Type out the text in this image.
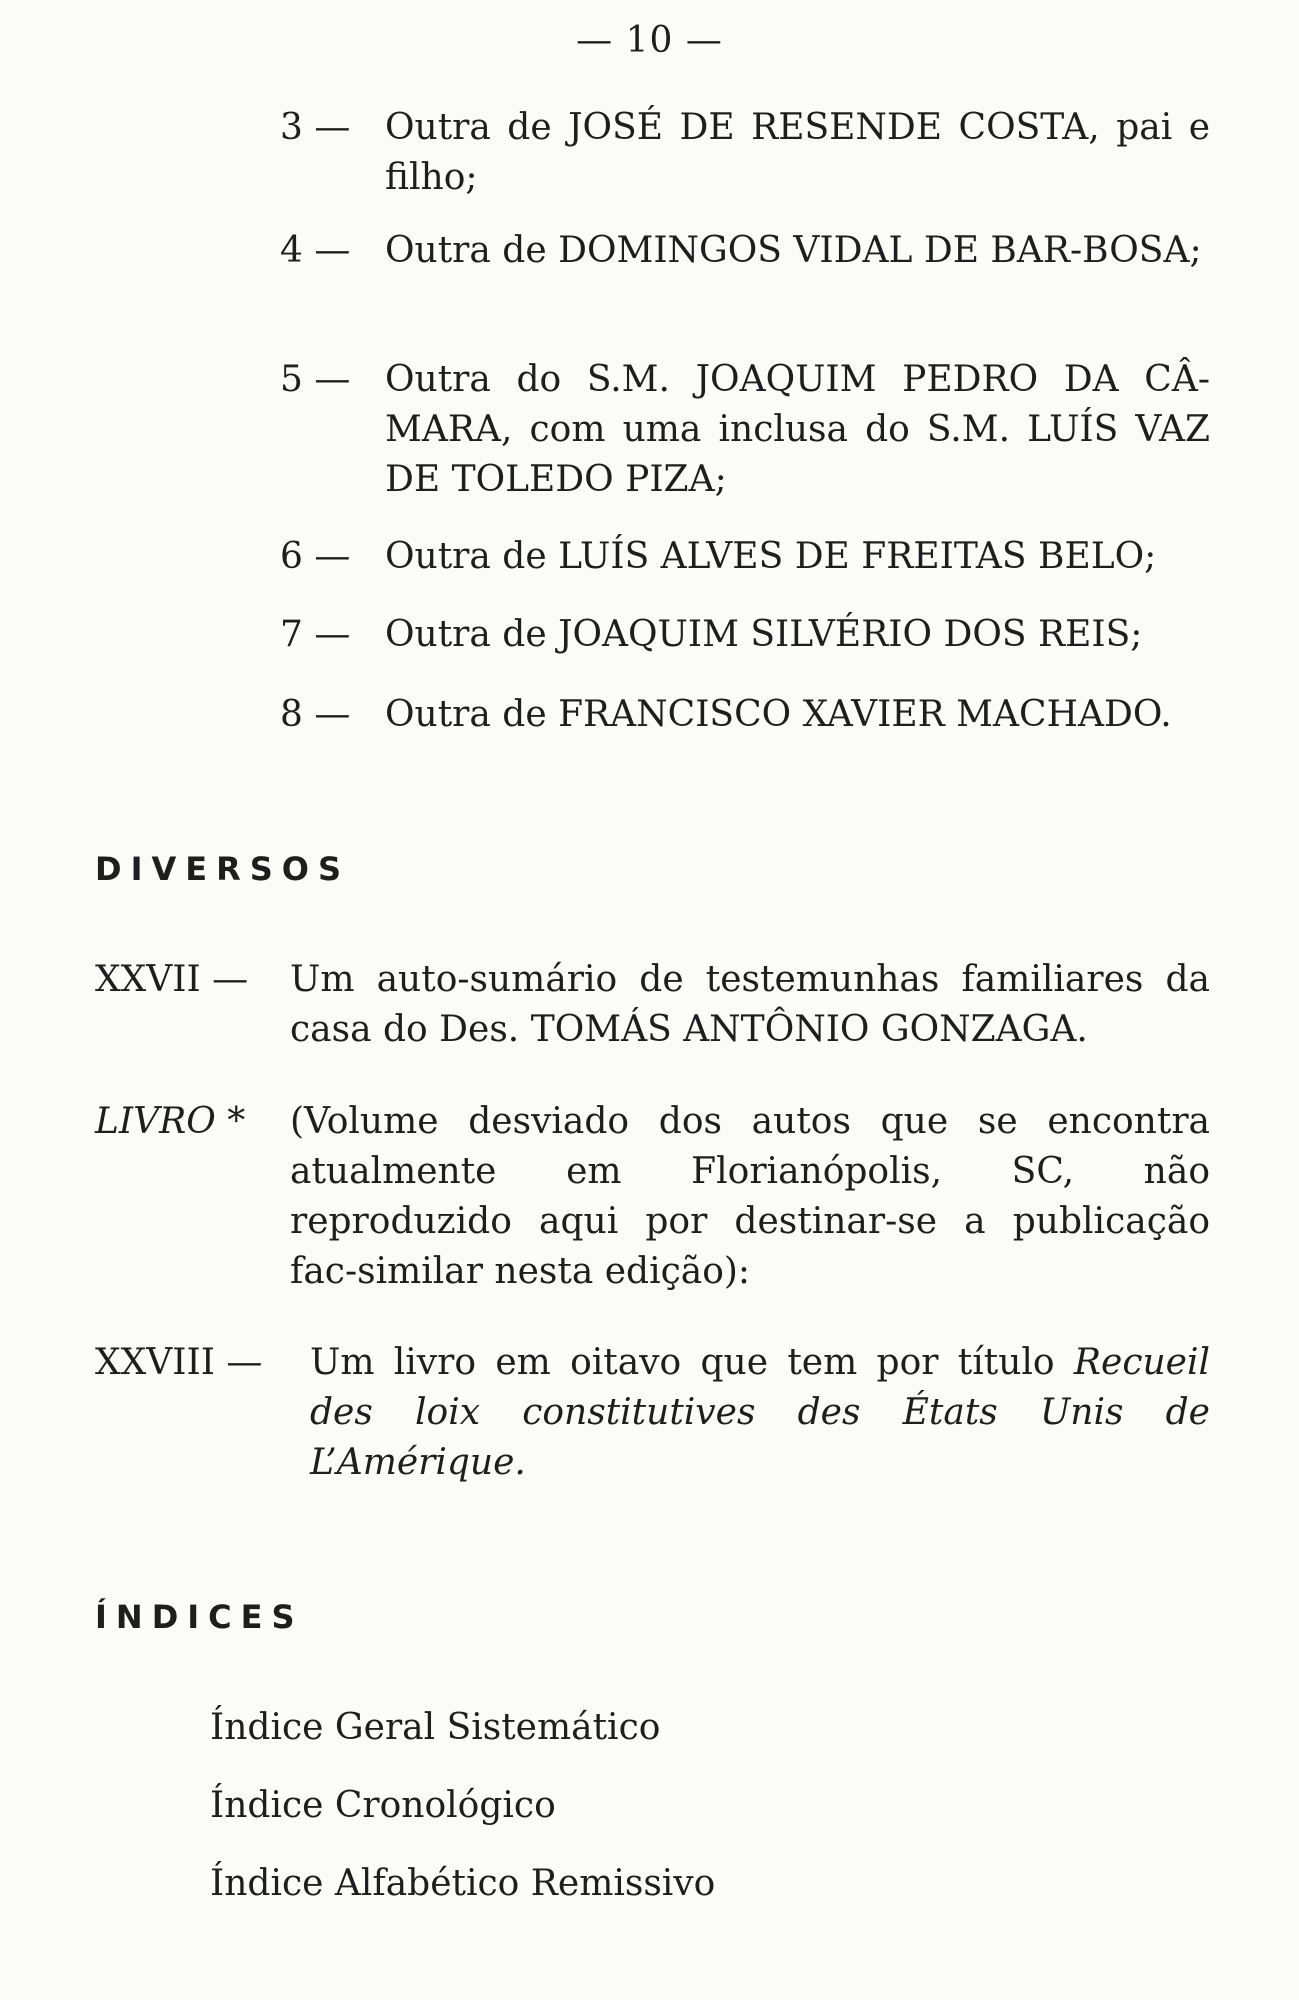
— 10 —
3 — Outra de JOSÉ DE RESENDE COSTA, pai e filho;
4 — Outra de DOMINGOS VIDAL DE BAR-BOSA;
5 — Outra do S.M. JOAQUIM PEDRO DA CÂ-MARA, com uma inclusa do S.M. LUÍS VAZ DE TOLEDO PIZA;
6 — Outra de LUÍS ALVES DE FREITAS BELO;
7 — Outra de JOAQUIM SILVÉRIO DOS REIS;
8 — Outra de FRANCISCO XAVIER MACHADO.
DIVERSOS
XXVII — Um auto-sumário de testemunhas familiares da casa do Des. TOMÁS ANTÔNIO GONZAGA.
LIVRO * (Volume desviado dos autos que se encontra atualmente em Florianópolis, SC, não reproduzido aqui por destinar-se a publicação fac-similar nesta edição):
XXVIII — Um livro em oitavo que tem por título Recueil des loix constitutives des États Unis de L’Amérique.
ÍNDICES
Índice Geral Sistemático
Índice Cronológico
Índice Alfabético Remissivo
